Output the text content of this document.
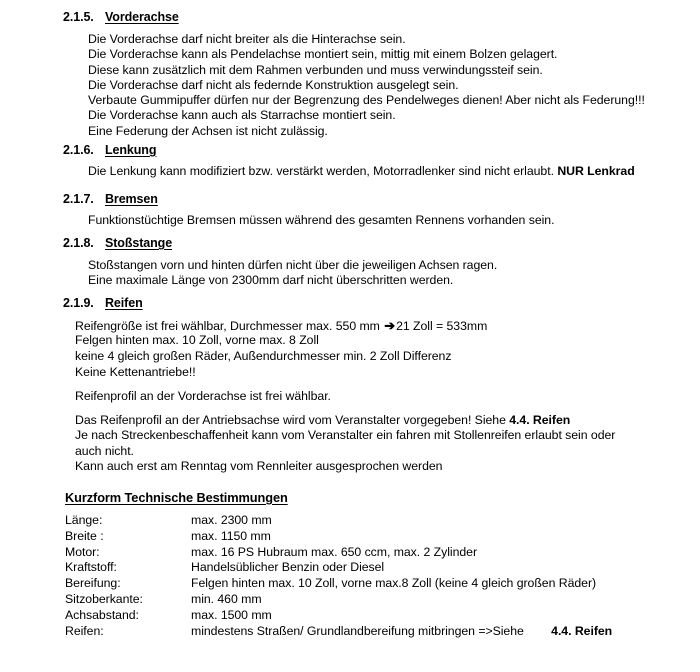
2.1.5. Vorderachse
Die Vorderachse darf nicht breiter als die Hinterachse sein.
Die Vorderachse kann als Pendelachse montiert sein, mittig mit einem Bolzen gelagert.
Diese kann zusätzlich mit dem Rahmen verbunden und muss verwindungssteif sein.
Die Vorderachse darf nicht als federnde Konstruktion ausgelegt sein.
Verbaute Gummipuffer dürfen nur der Begrenzung des Pendelweges dienen! Aber nicht als Federung!!!
Die Vorderachse kann auch als Starrachse montiert sein.
Eine Federung der Achsen ist nicht zulässig.
2.1.6. Lenkung
Die Lenkung kann modifiziert bzw. verstärkt werden, Motorradlenker sind nicht erlaubt. NUR Lenkrad
2.1.7. Bremsen
Funktionstüchtige Bremsen müssen während des gesamten Rennens vorhanden sein.
2.1.8. Stoßstange
Stoßstangen vorn und hinten dürfen nicht über die jeweiligen Achsen ragen.
Eine maximale Länge von 2300mm darf nicht überschritten werden.
2.1.9. Reifen
Reifengröße ist frei wählbar, Durchmesser max. 550 mm ➔21 Zoll = 533mm
Felgen hinten max. 10 Zoll, vorne max. 8 Zoll
keine 4 gleich großen Räder, Außendurchmesser min. 2 Zoll Differenz
Keine Kettenantriebe!!
Reifenprofil an der Vorderachse ist frei wählbar.
Das Reifenprofil an der Antriebsachse wird vom Veranstalter vorgegeben! Siehe 4.4. Reifen
Je nach Streckenbeschaffenheit kann vom Veranstalter ein fahren mit Stollenreifen erlaubt sein oder
auch nicht.
Kann auch erst am Renntag vom Rennleiter ausgesprochen werden
Kurzform Technische Bestimmungen
Länge:	max. 2300 mm
Breite :	max. 1150 mm
Motor:	max. 16 PS Hubraum max. 650 ccm, max. 2 Zylinder
Kraftstoff:	Handelsüblicher Benzin oder Diesel
Bereifung:	Felgen hinten max. 10 Zoll, vorne max.8 Zoll (keine 4 gleich großen Räder)
Sitzoberkante:	min. 460 mm
Achsabstand:	max. 1500 mm
Reifen:	mindestens Straßen/ Grundlandbereifung mitbringen =>Siehe 4.4. Reifen
